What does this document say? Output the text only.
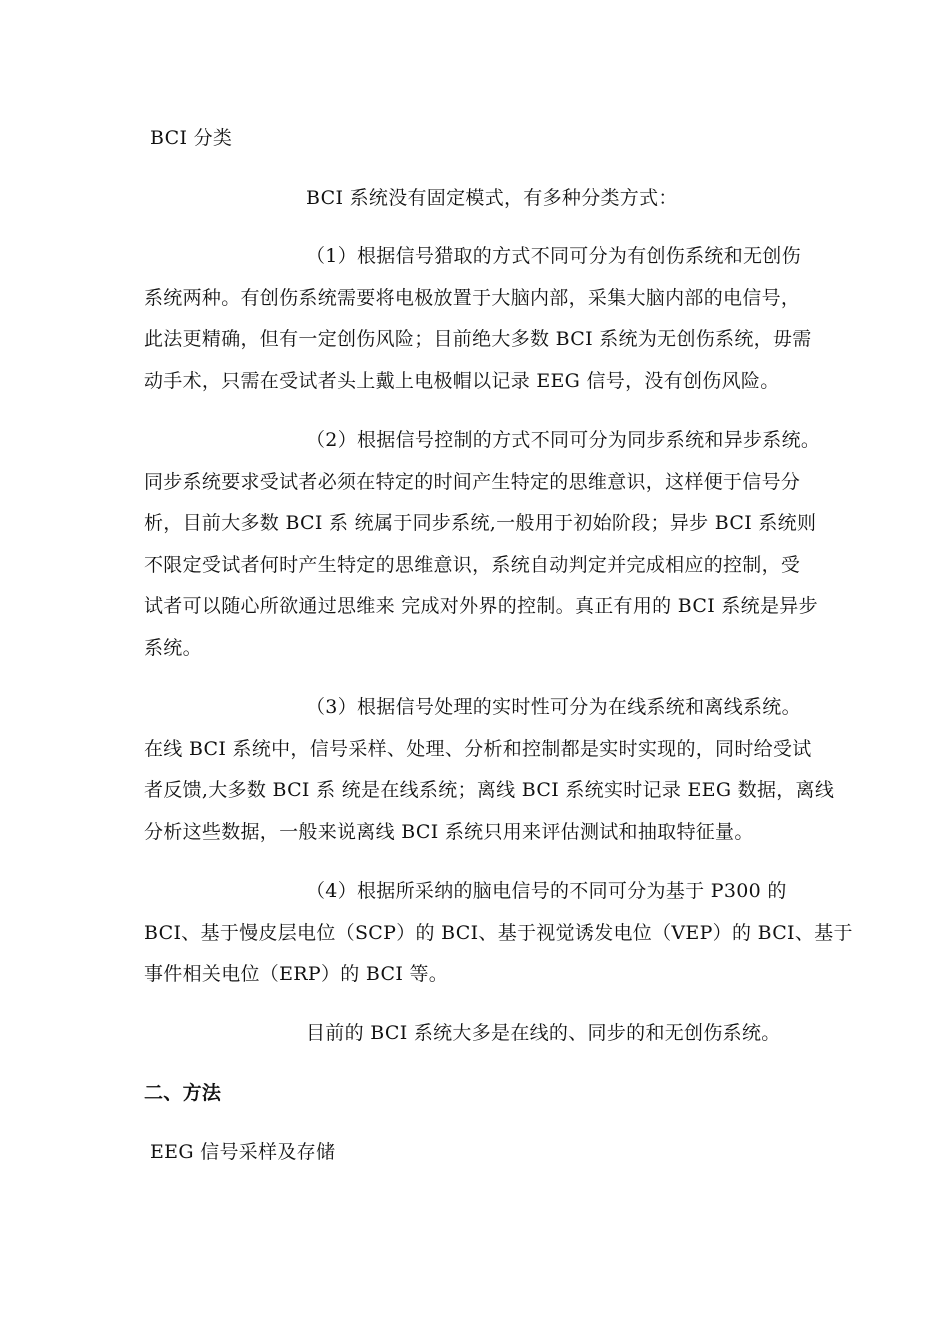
BCI 分类
BCI 系统没有固定模式，有多种分类方式：
（1）根据信号猎取的方式不同可分为有创伤系统和无创伤
系统两种。有创伤系统需要将电极放置于大脑内部，采集大脑内部的电信号，
此法更精确，但有一定创伤风险；目前绝大多数 BCI 系统为无创伤系统，毋需
动手术，只需在受试者头上戴上电极帽以记录 EEG 信号，没有创伤风险。
（2）根据信号控制的方式不同可分为同步系统和异步系统。
同步系统要求受试者必须在特定的时间产生特定的思维意识，这样便于信号分
析，目前大多数 BCI 系 统属于同步系统,一般用于初始阶段；异步 BCI 系统则
不限定受试者何时产生特定的思维意识，系统自动判定并完成相应的控制，受
试者可以随心所欲通过思维来 完成对外界的控制。真正有用的 BCI 系统是异步
系统。
（3）根据信号处理的实时性可分为在线系统和离线系统。
在线 BCI 系统中，信号采样、处理、分析和控制都是实时实现的，同时给受试
者反馈,大多数 BCI 系 统是在线系统；离线 BCI 系统实时记录 EEG 数据，离线
分析这些数据，一般来说离线 BCI 系统只用来评估测试和抽取特征量。
（4）根据所采纳的脑电信号的不同可分为基于 P300 的
BCI、基于慢皮层电位（SCP）的 BCI、基于视觉诱发电位（VEP）的 BCI、基于
事件相关电位（ERP）的 BCI 等。
目前的 BCI 系统大多是在线的、同步的和无创伤系统。
二、方法
EEG 信号采样及存储
